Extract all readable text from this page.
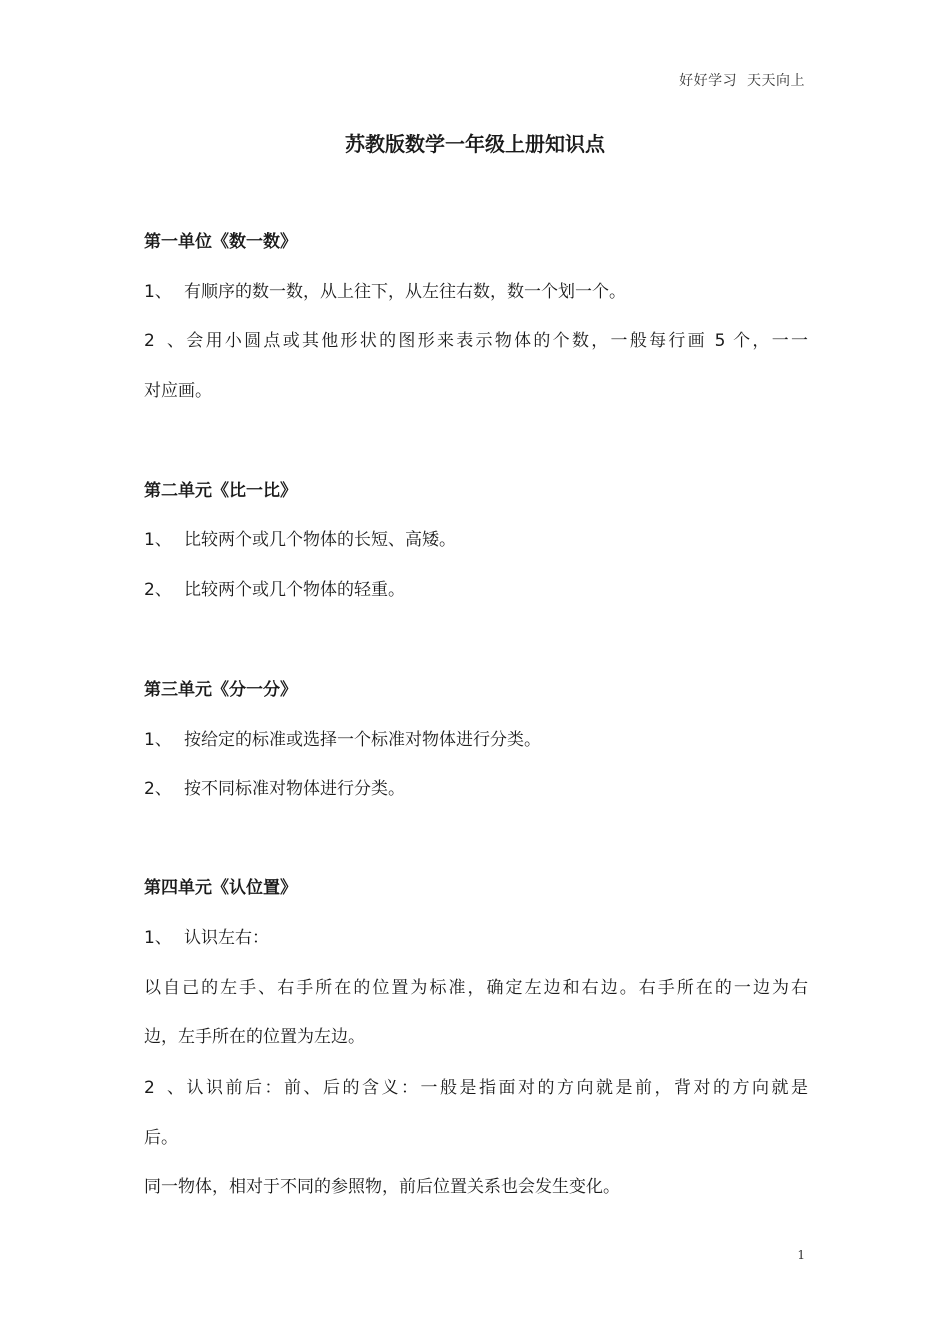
好好学习  天天向上
苏教版数学一年级上册知识点
第一单位《数一数》
1、 有顺序的数一数，从上往下，从左往右数，数一个划一个。
2、会用小圆点或其他形状的图形来表示物体的个数，一般每行画 5 个，一一
对应画。
第二单元《比一比》
1、 比较两个或几个物体的长短、高矮。
2、 比较两个或几个物体的轻重。
第三单元《分一分》
1、 按给定的标准或选择一个标准对物体进行分类。
2、 按不同标准对物体进行分类。
第四单元《认位置》
1、 认识左右：
以自己的左手、右手所在的位置为标准，确定左边和右边。右手所在的一边为右
边，左手所在的位置为左边。
2、认识前后：前、后的含义：一般是指面对的方向就是前，背对的方向就是
后。
同一物体，相对于不同的参照物，前后位置关系也会发生变化。
1
